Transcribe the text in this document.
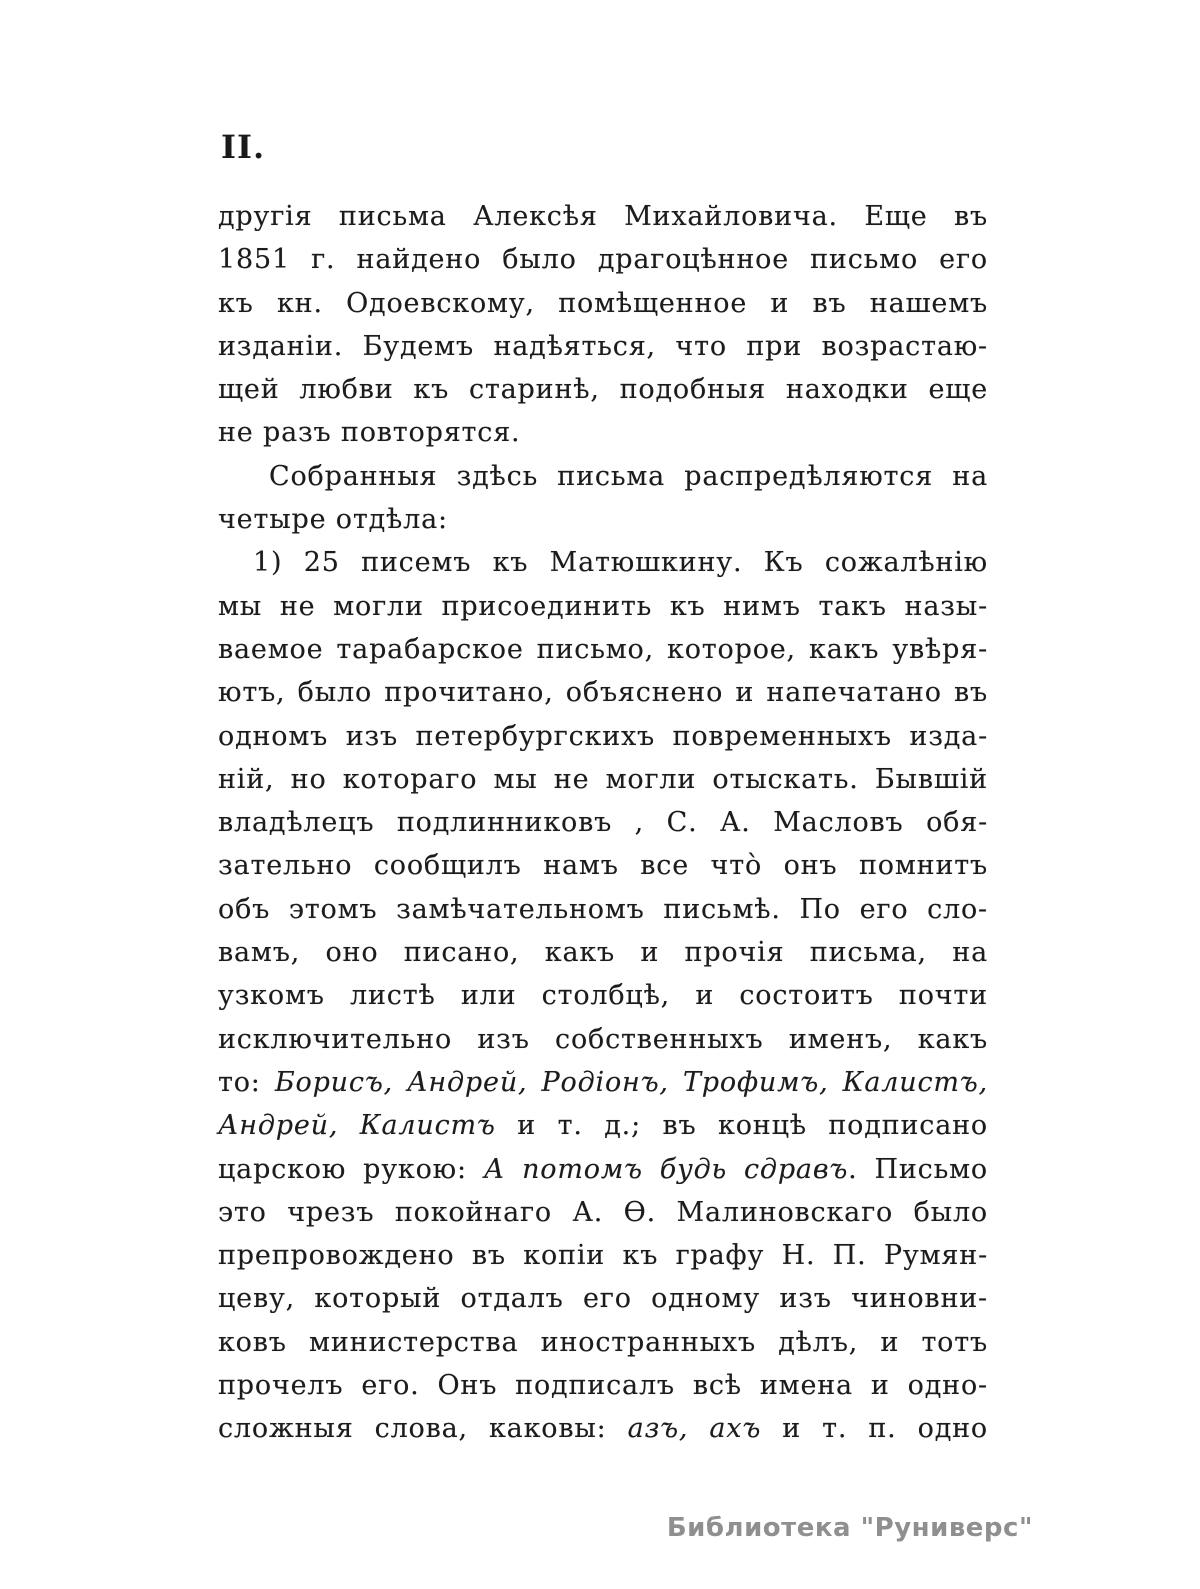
II.
другія письма Алексѣя Михайловича. Еще въ
1851 г. найдено было драгоцѣнное письмо его
къ кн. Одоевскому, помѣщенное и въ нашемъ
изданіи. Будемъ надѣяться, что при возрастаю-
щей любви къ старинѣ, подобныя находки еще
не разъ повторятся.
Собранныя здѣсь письма распредѣляются на
четыре отдѣла:
1) 25 писемъ къ Матюшкину. Къ сожалѣнію
мы не могли присоединить къ нимъ такъ назы-
ваемое тарабарское письмо, которое, какъ увѣря-
ютъ, было прочитано, объяснено и напечатано въ
одномъ изъ петербургскихъ повременныхъ изда-
ній, но котораго мы не могли отыскать. Бывшій
владѣлецъ подлинниковъ , С. А. Масловъ обя-
зательно сообщилъ намъ все что̀ онъ помнитъ
объ этомъ замѣчательномъ письмѣ. По его сло-
вамъ, оно писано, какъ и прочія письма, на
узкомъ листѣ или столбцѣ, и состоитъ почти
исключительно изъ собственныхъ именъ, какъ
то: Борисъ, Андрей, Родіонъ, Трофимъ, Калистъ,
Андрей, Калистъ и т. д.; въ концѣ подписано
царскою рукою: А потомъ будь сдравъ. Письмо
это чрезъ покойнаго А. Ѳ. Малиновскаго было
препровождено въ копіи къ графу Н. П. Румян-
цеву, который отдалъ его одному изъ чиновни-
ковъ министерства иностранныхъ дѣлъ, и тотъ
прочелъ его. Онъ подписалъ всѣ имена и одно-
сложныя слова, каковы: азъ, ахъ и т. п. одно
Библиотека "Руниверс"
